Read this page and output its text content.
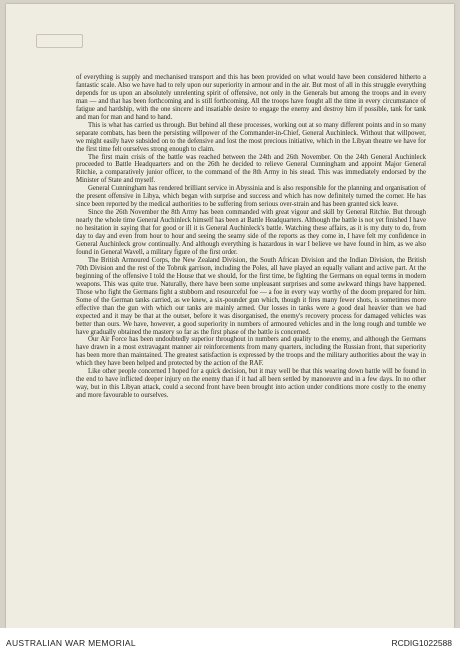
of everything is supply and mechanised transport and this has been provided on what would have been considered hitherto a fantastic scale. Also we have had to rely upon our superiority in armour and in the air. But most of all in this struggle everything depends for us upon an absolutely unrelenting spirit of offensive, not only in the Generals but among the troops and in every man — and that has been forthcoming and is still forthcoming. All the troops have fought all the time in every circumstance of fatigue and hardship, with the one sincere and insatiable desire to engage the enemy and destroy him if possible, tank for tank and man for man and hand to hand.

This is what has carried us through. But behind all these processes, working out at so many different points and in so many separate combats, has been the persisting willpower of the Commander-in-Chief, General Auchinleck. Without that willpower, we might easily have subsided on to the defensive and lost the most precious initiative, which in the Libyan theatre we have for the first time felt ourselves strong enough to claim.

The first main crisis of the battle was reached between the 24th and 26th November. On the 24th General Auchinleck proceeded to Battle Headquarters and on the 26th he decided to relieve General Cunningham and appoint Major General Ritchie, a comparatively junior officer, to the command of the 8th Army in his stead. This was immediately endorsed by the Minister of State and myself.

General Cunningham has rendered brilliant service in Abyssinia and is also responsible for the planning and organisation of the present offensive in Libya, which began with surprise and success and which has now definitely turned the corner. He has since been reported by the medical authorities to be suffering from serious over-strain and has been granted sick leave.

Since the 26th November the 8th Army has been commanded with great vigour and skill by General Ritchie. But through nearly the whole time General Auchinleck himself has been at Battle Headquarters. Although the battle is not yet finished I have no hesitation in saying that for good or ill it is General Auchinleck's battle. Watching these affairs, as it is my duty to do, from day to day and even from hour to hour and seeing the seamy side of the reports as they come in, I have felt my confidence in General Auchinleck grow continually. And although everything is hazardous in war I believe we have found in him, as we also found in General Wavell, a military figure of the first order.

The British Armoured Corps, the New Zealand Division, the South African Division and the Indian Division, the British 70th Division and the rest of the Tobruk garrison, including the Poles, all have played an equally valiant and active part. At the beginning of the offensive I told the House that we should, for the first time, be fighting the Germans on equal terms in modern weapons. This was quite true. Naturally, there have been some unpleasant surprises and some awkward things have happened. Those who fight the Germans fight a stubborn and resourceful foe — a foe in every way worthy of the doom prepared for him. Some of the German tanks carried, as we knew, a six-pounder gun which, though it fires many fewer shots, is sometimes more effective than the gun with which our tanks are mainly armed. Our losses in tanks were a good deal heavier than we had expected and it may be that at the outset, before it was disorganised, the enemy's recovery process for damaged vehicles was better than ours. We have, however, a good superiority in numbers of armoured vehicles and in the long rough and tumble we have gradually obtained the mastery so far as the first phase of the battle is concerned.

Our Air Force has been undoubtedly superior throughout in numbers and quality to the enemy, and although the Germans have drawn in a most extravagant manner air reinforcements from many quarters, including the Russian front, that superiority has been more than maintained. The greatest satisfaction is expressed by the troops and the military authorities about the way in which they have been helped and protected by the action of the RAF.

Like other people concerned I hoped for a quick decision, but it may well be that this wearing down battle will be found in the end to have inflicted deeper injury on the enemy than if it had all been settled by manoeuvre and in a few days. In no other way, but in this Libyan attack, could a second front have been brought into action under conditions more costly to the enemy and more favourable to ourselves.

AUSTRALIAN WAR MEMORIAL	RCDIG1022588
